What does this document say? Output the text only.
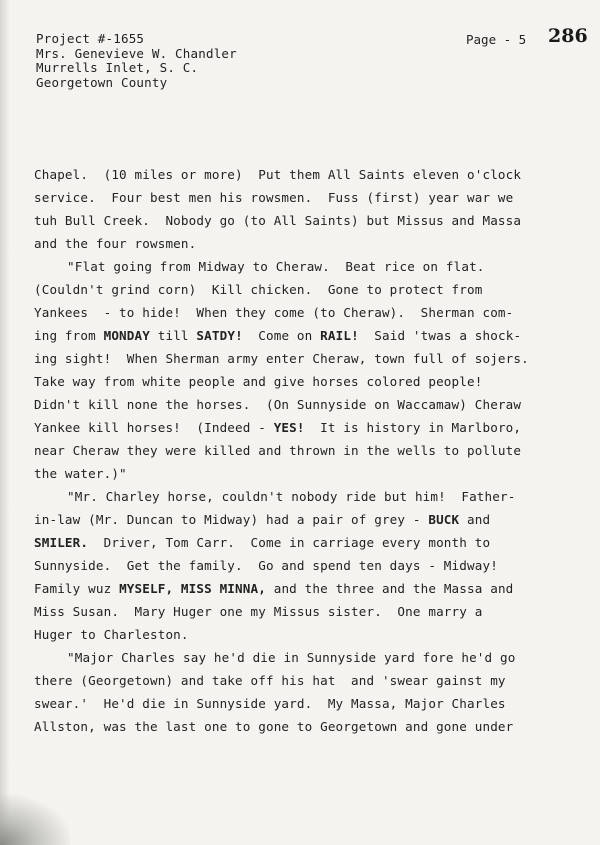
Project #-1655
Mrs. Genevieve W. Chandler
Murrells Inlet, S. C.
Georgetown County
Page - 5 286
Chapel.  (10 miles or more)  Put them All Saints eleven o'clock
service.  Four best men his rowsmen.  Fuss (first) year war we
tuh Bull Creek.  Nobody go (to All Saints) but Missus and Massa
and the four rowsmen.
"Flat going from Midway to Cheraw.  Beat rice on flat.
(Couldn't grind corn)  Kill chicken.  Gone to protect from
Yankees  - to hide!  When they come (to Cheraw).  Sherman com-
ing from MONDAY till SATDY!  Come on RAIL!  Said 'twas a shock-
ing sight!  When Sherman army enter Cheraw, town full of sojers.
Take way from white people and give horses colored people!
Didn't kill none the horses.  (On Sunnyside on Waccamaw) Cheraw
Yankee kill horses!  (Indeed - YES!  It is history in Marlboro,
near Cheraw they were killed and thrown in the wells to pollute
the water.)"
"Mr. Charley horse, couldn't nobody ride but him!  Father-
in-law (Mr. Duncan to Midway) had a pair of grey - BUCK and
SMILER.  Driver, Tom Carr.  Come in carriage every month to
Sunnyside.  Get the family.  Go and spend ten days - Midway!
Family wuz MYSELF, MISS MINNA, and the three and the Massa and
Miss Susan.  Mary Huger one my Missus sister.  One marry a
Huger to Charleston.
"Major Charles say he'd die in Sunnyside yard fore he'd go
there (Georgetown) and take off his hat  and 'swear gainst my
swear.'  He'd die in Sunnyside yard.  My Massa, Major Charles
Allston, was the last one to gone to Georgetown and gone under
